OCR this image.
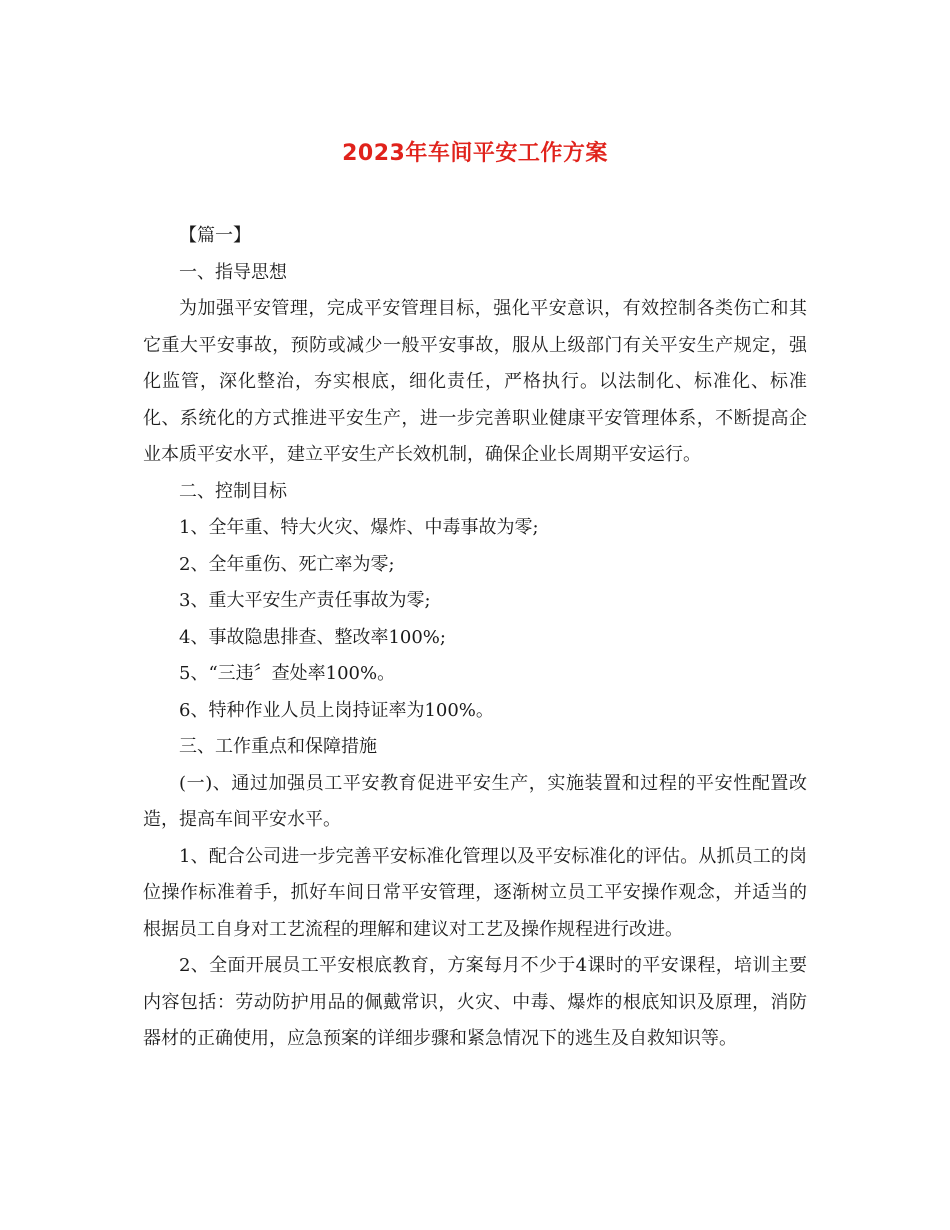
2023年车间平安工作方案

【篇一】

一、指导思想

为加强平安管理，完成平安管理目标，强化平安意识，有效控制各类伤亡和其它重大平安事故，预防或减少一般平安事故，服从上级部门有关平安生产规定，强化监管，深化整治，夯实根底，细化责任，严格执行。以法制化、标准化、标准化、系统化的方式推进平安生产，进一步完善职业健康平安管理体系，不断提高企业本质平安水平，建立平安生产长效机制，确保企业长周期平安运行。

二、控制目标

1、全年重、特大火灾、爆炸、中毒事故为零;

2、全年重伤、死亡率为零;

3、重大平安生产责任事故为零;

4、事故隐患排查、整改率100%;

5、“三违〞查处率100%。

6、特种作业人员上岗持证率为100%。

三、工作重点和保障措施

(一)、通过加强员工平安教育促进平安生产，实施装置和过程的平安性配置改造，提高车间平安水平。

1、配合公司进一步完善平安标准化管理以及平安标准化的评估。从抓员工的岗位操作标准着手，抓好车间日常平安管理，逐渐树立员工平安操作观念，并适当的根据员工自身对工艺流程的理解和建议对工艺及操作规程进行改进。

2、全面开展员工平安根底教育，方案每月不少于4课时的平安课程，培训主要内容包括：劳动防护用品的佩戴常识，火灾、中毒、爆炸的根底知识及原理，消防器材的正确使用，应急预案的详细步骤和紧急情况下的逃生及自救知识等。
